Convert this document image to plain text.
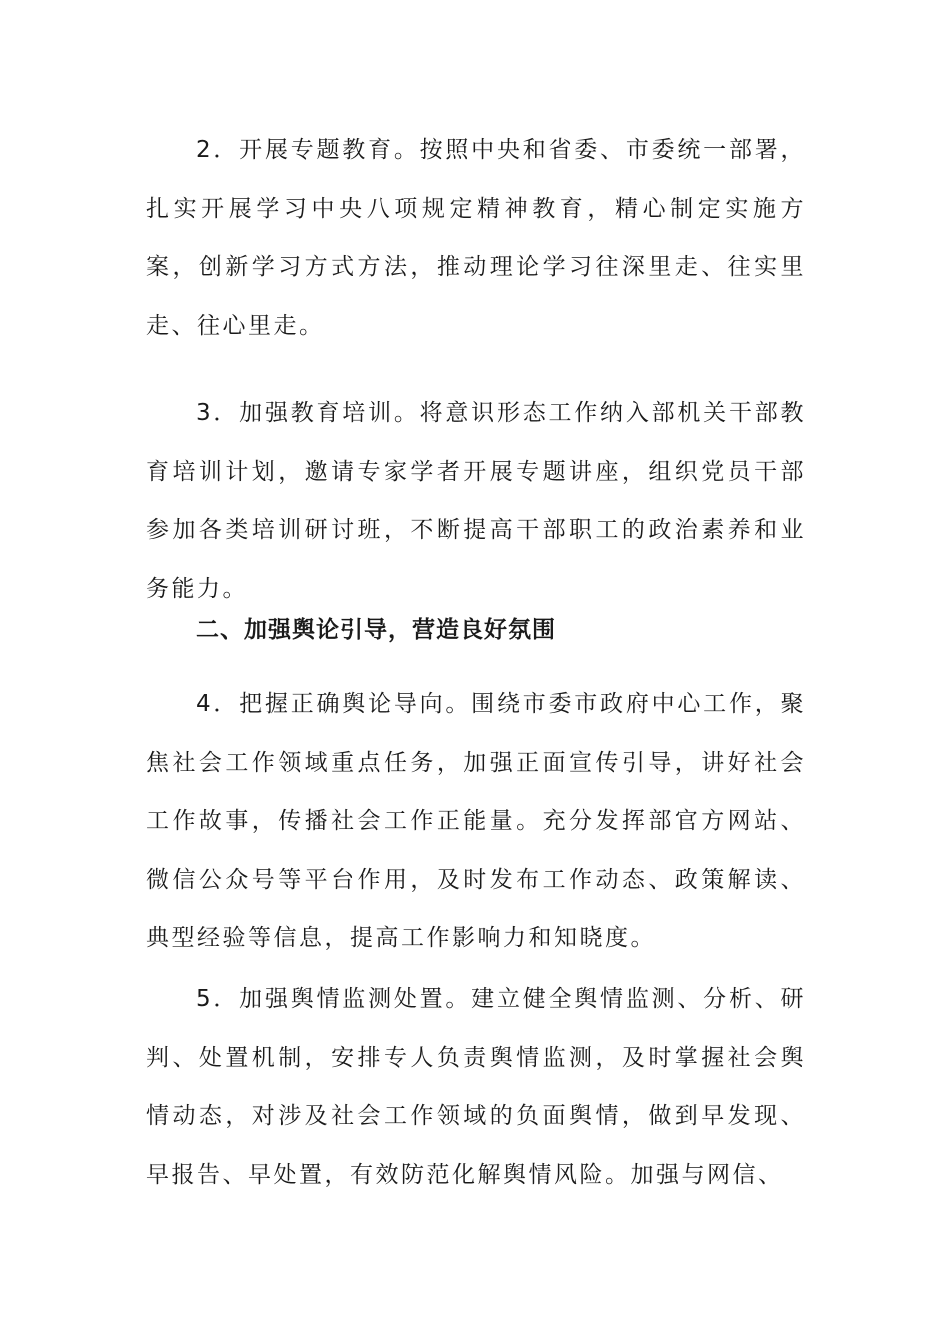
2．开展专题教育。按照中央和省委、市委统一部署，扎实开展学习中央八项规定精神教育，精心制定实施方案，创新学习方式方法，推动理论学习往深里走、往实里走、往心里走。

3．加强教育培训。将意识形态工作纳入部机关干部教育培训计划，邀请专家学者开展专题讲座，组织党员干部参加各类培训研讨班，不断提高干部职工的政治素养和业务能力。

二、加强舆论引导，营造良好氛围

4．把握正确舆论导向。围绕市委市政府中心工作，聚焦社会工作领域重点任务，加强正面宣传引导，讲好社会工作故事，传播社会工作正能量。充分发挥部官方网站、微信公众号等平台作用，及时发布工作动态、政策解读、典型经验等信息，提高工作影响力和知晓度。

5．加强舆情监测处置。建立健全舆情监测、分析、研判、处置机制，安排专人负责舆情监测，及时掌握社会舆情动态，对涉及社会工作领域的负面舆情，做到早发现、早报告、早处置，有效防范化解舆情风险。加强与网信、
